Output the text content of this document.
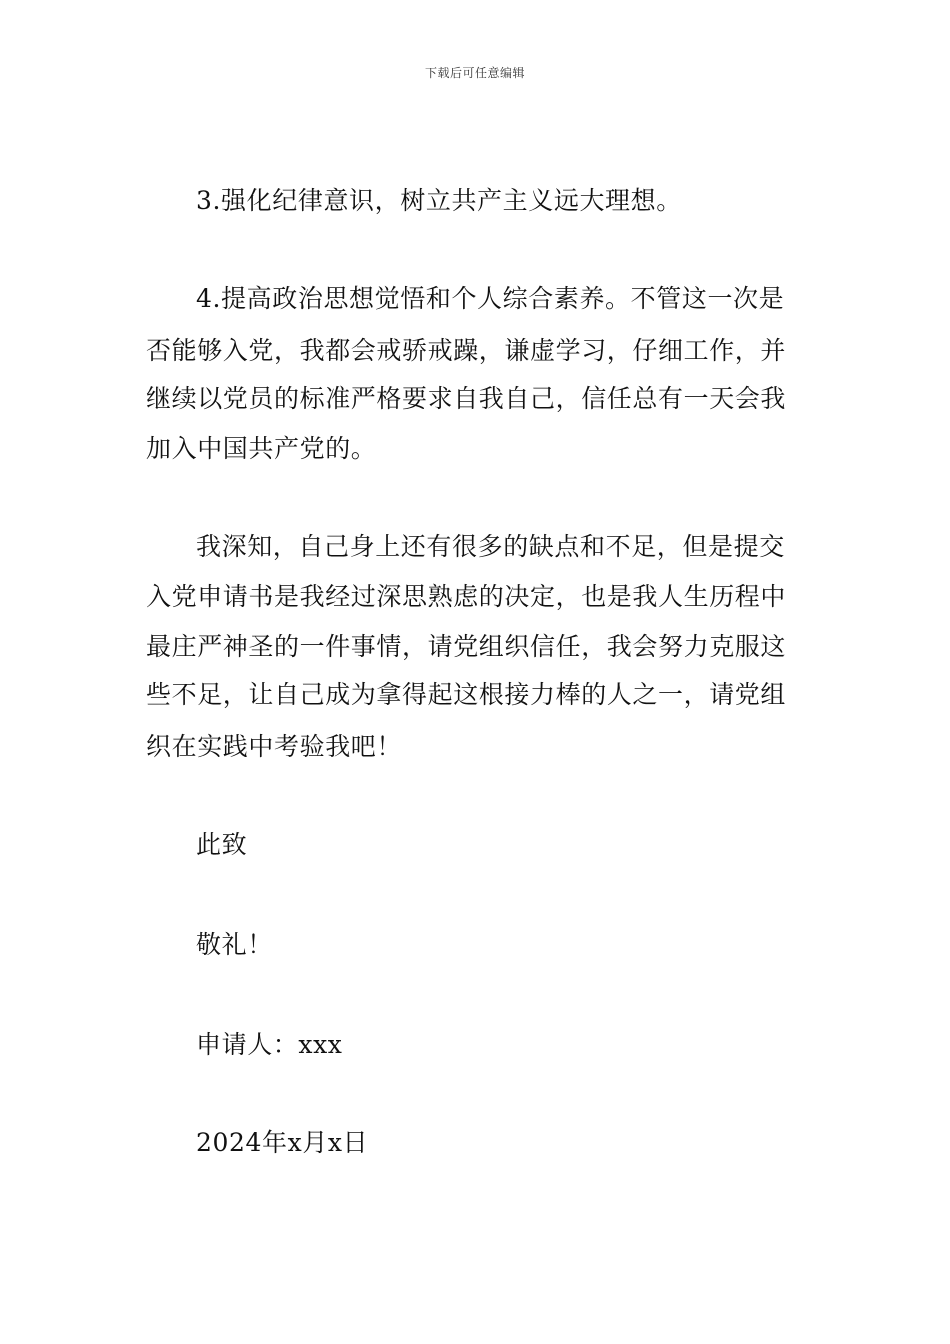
下载后可任意编辑
3.强化纪律意识，树立共产主义远大理想。
4.提高政治思想觉悟和个人综合素养。不管这一次是
否能够入党，我都会戒骄戒躁，谦虚学习，仔细工作，并
继续以党员的标准严格要求自我自己，信任总有一天会我
加入中国共产党的。
我深知，自己身上还有很多的缺点和不足，但是提交
入党申请书是我经过深思熟虑的决定，也是我人生历程中
最庄严神圣的一件事情，请党组织信任，我会努力克服这
些不足，让自己成为拿得起这根接力棒的人之一，请党组
织在实践中考验我吧！
此致
敬礼！
申请人：xxx
2024年x月x日
